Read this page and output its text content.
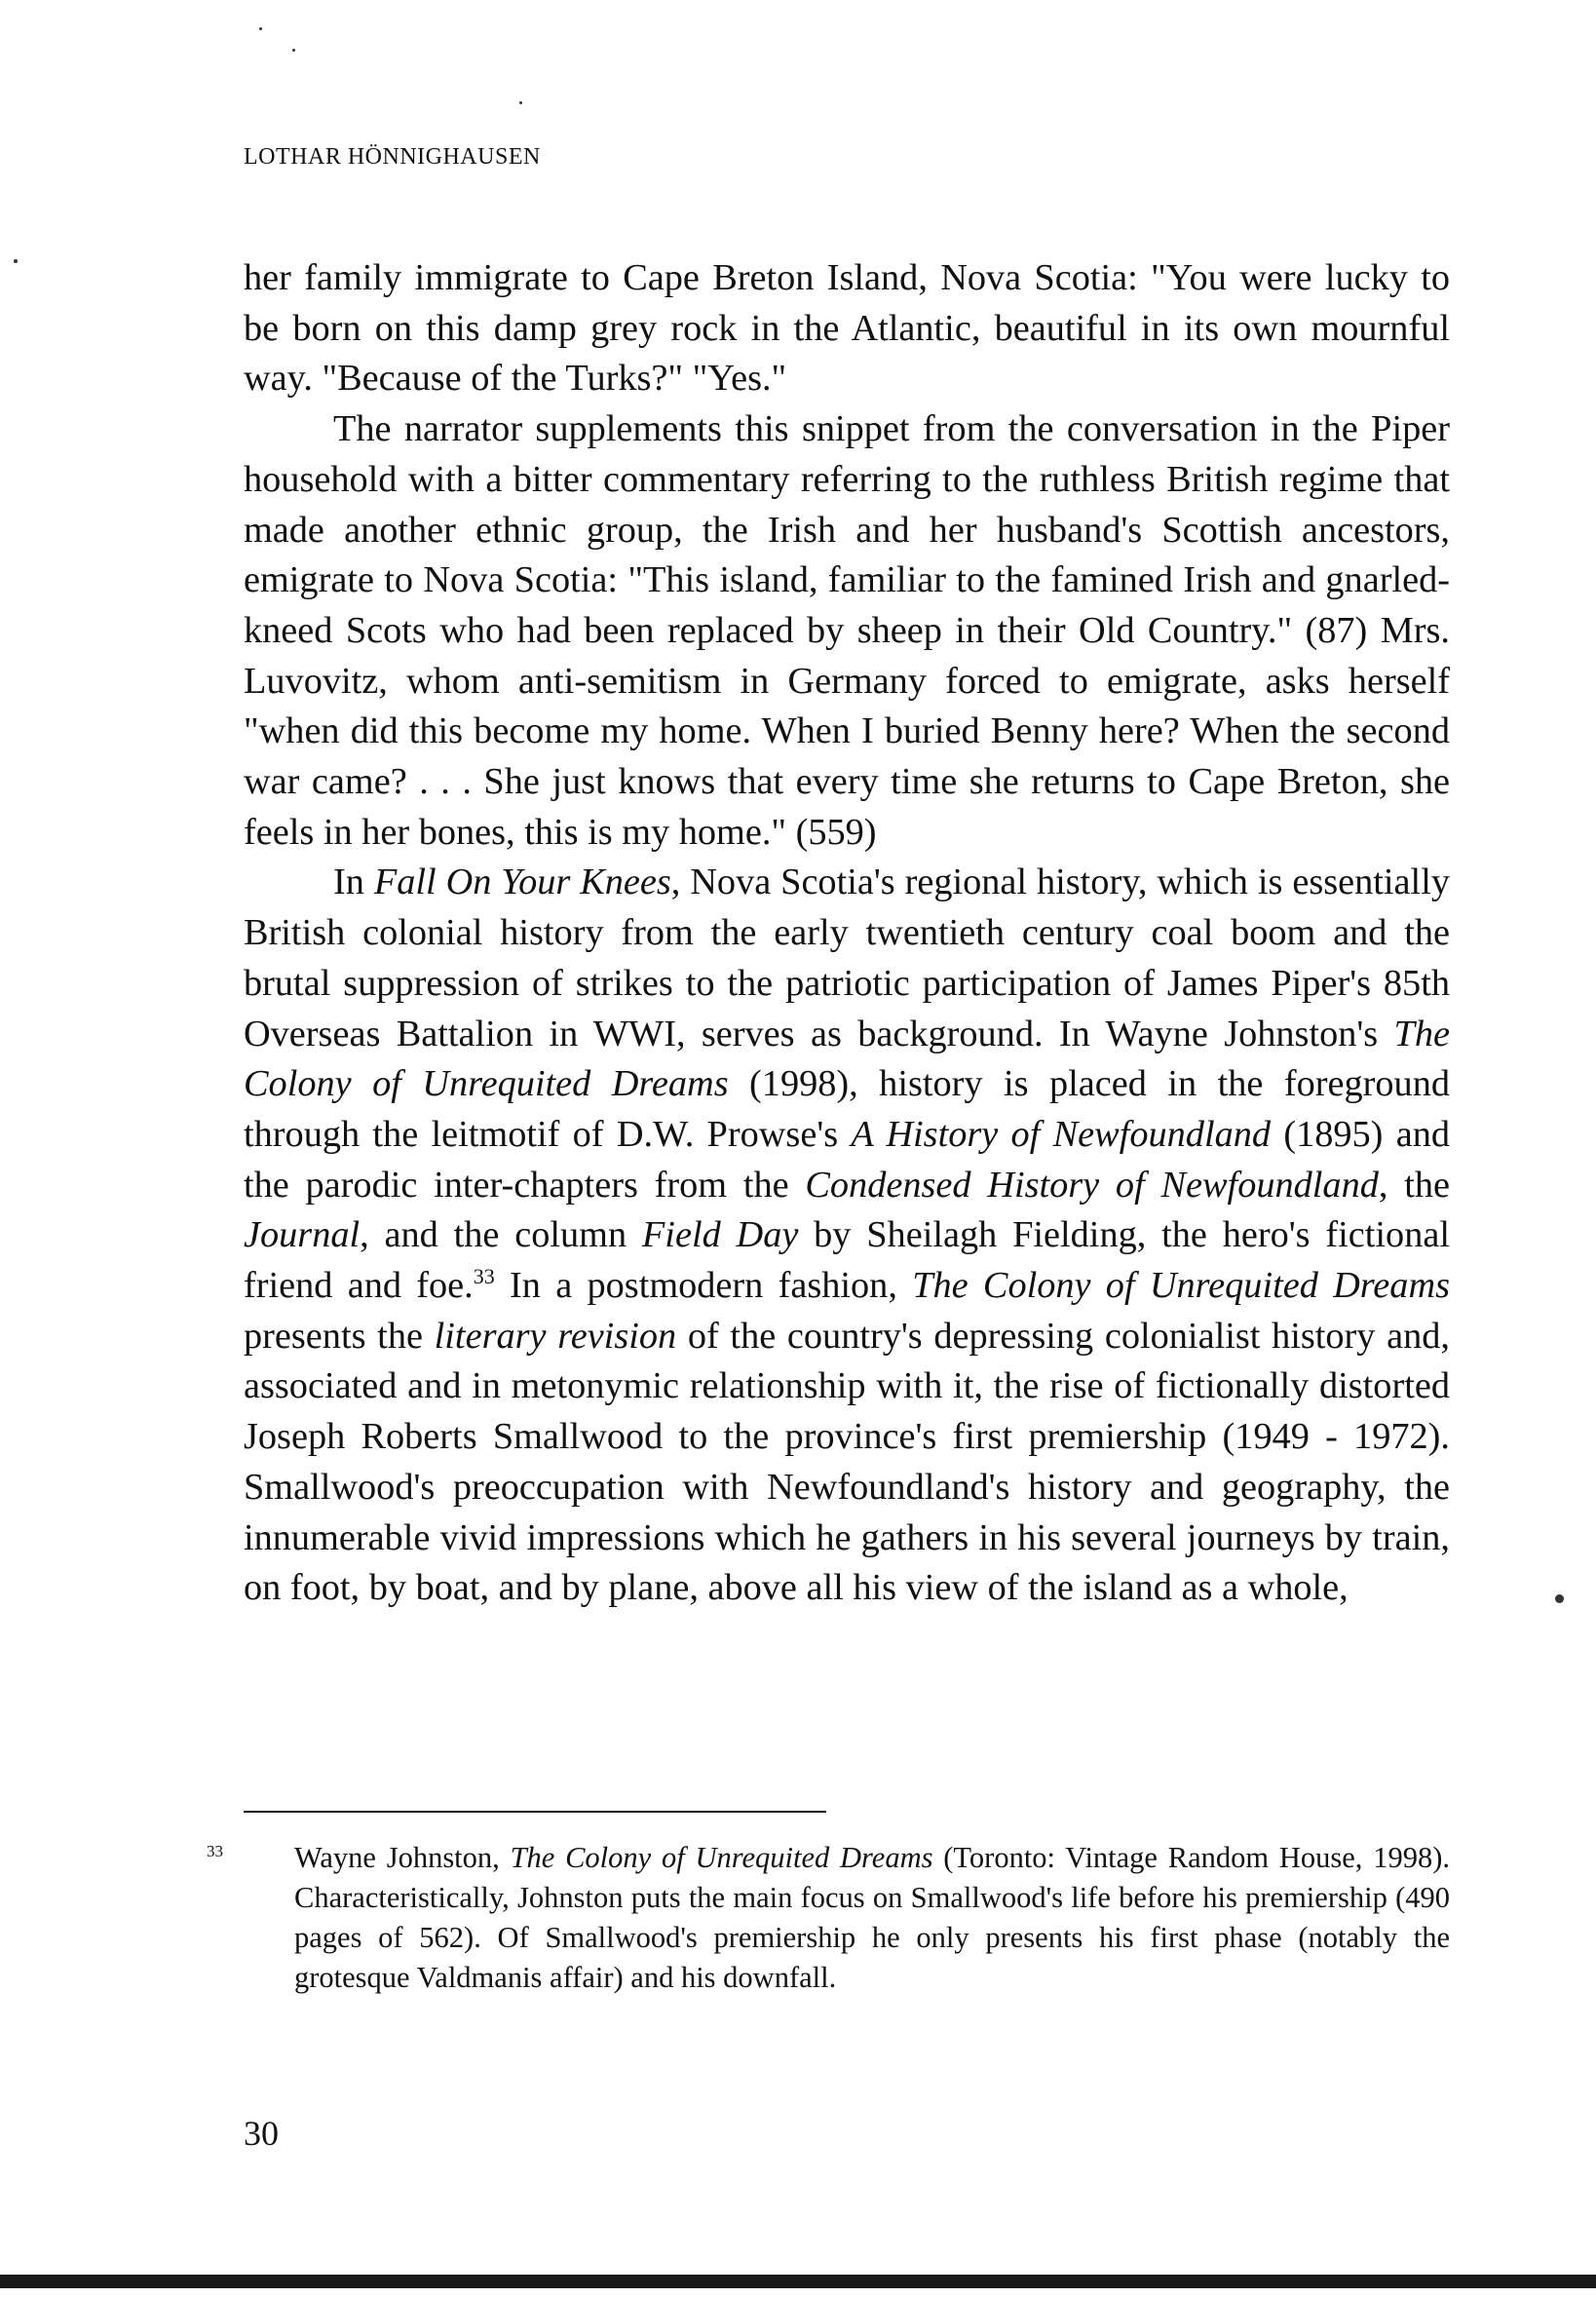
LOTHAR HÖNNIGHAUSEN

her family immigrate to Cape Breton Island, Nova Scotia: "You were lucky to be born on this damp grey rock in the Atlantic, beautiful in its own mournful way. "Because of the Turks?" "Yes."

The narrator supplements this snippet from the conversation in the Piper household with a bitter commentary referring to the ruthless British regime that made another ethnic group, the Irish and her husband's Scottish ancestors, emigrate to Nova Scotia: "This island, familiar to the famined Irish and gnarled-kneed Scots who had been replaced by sheep in their Old Country." (87) Mrs. Luvovitz, whom anti-semitism in Germany forced to emigrate, asks herself "when did this become my home. When I buried Benny here? When the second war came? . . . She just knows that every time she returns to Cape Breton, she feels in her bones, this is my home." (559)

In Fall On Your Knees, Nova Scotia's regional history, which is essentially British colonial history from the early twentieth century coal boom and the brutal suppression of strikes to the patriotic participation of James Piper's 85th Overseas Battalion in WWI, serves as background. In Wayne Johnston's The Colony of Unrequited Dreams (1998), history is placed in the foreground through the leitmotif of D.W. Prowse's A History of Newfoundland (1895) and the parodic inter-chapters from the Condensed History of Newfoundland, the Journal, and the column Field Day by Sheilagh Fielding, the hero's fictional friend and foe.$^{33}$ In a postmodern fashion, The Colony of Unrequited Dreams presents the literary revision of the country's depressing colonialist history and, associated and in metonymic relationship with it, the rise of fictionally distorted Joseph Roberts Smallwood to the province's first premiership (1949 - 1972). Smallwood's preoccupation with Newfoundland's history and geography, the innumerable vivid impressions which he gathers in his several journeys by train, on foot, by boat, and by plane, above all his view of the island as a whole,

33 Wayne Johnston, The Colony of Unrequited Dreams (Toronto: Vintage Random House, 1998). Characteristically, Johnston puts the main focus on Smallwood's life before his premiership (490 pages of 562). Of Smallwood's premiership he only presents his first phase (notably the grotesque Valdmanis affair) and his downfall.
30
